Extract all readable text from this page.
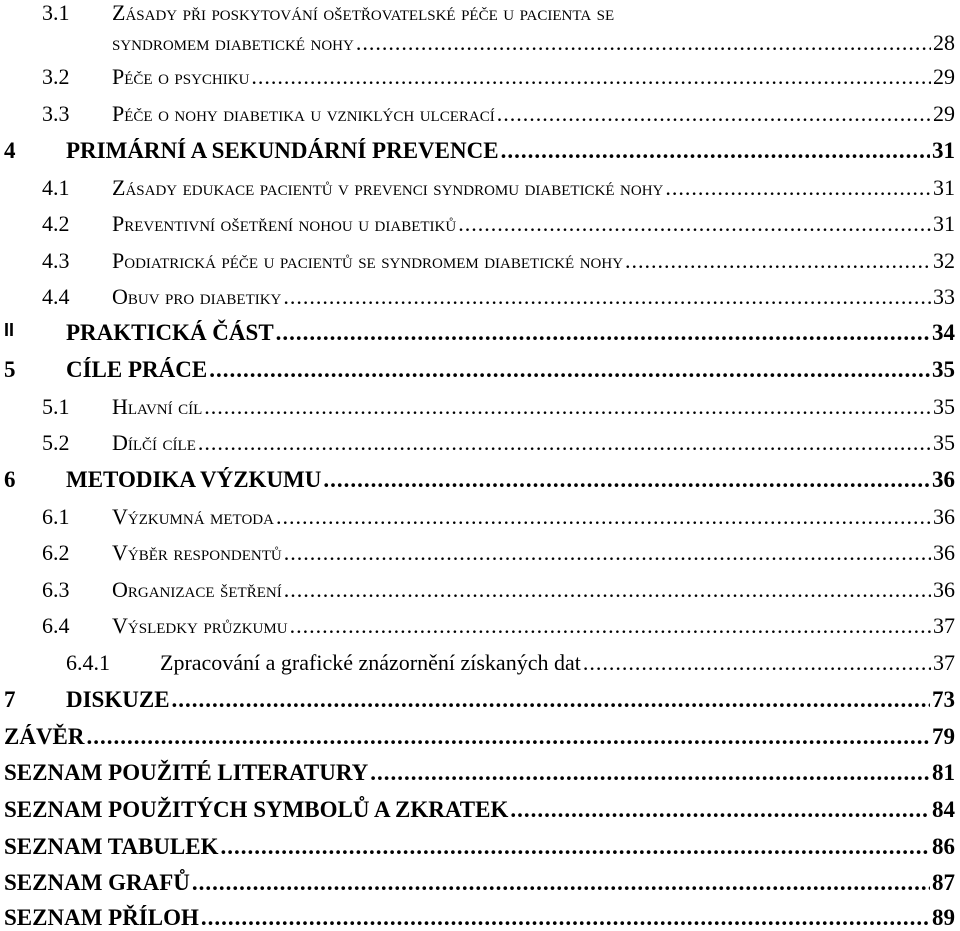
3.1 Zásady při poskytování ošetřovatelské péče u pacienta se
syndromem diabetické nohy .....	28
3.2 Péče o psychiku .....	29
3.3 Péče o nohy diabetika u vzniklých ulcerací .....	29
4 PRIMÁRNÍ A SEKUNDÁRNÍ PREVENCE .....	31
4.1 Zásady edukace pacientů v prevenci syndromu diabetické nohy .....	31
4.2 Preventivní ošetření nohou u diabetiků .....	31
4.3 Podiatrická péče u pacientů se syndromem diabetické nohy .....	32
4.4 Obuv pro diabetiky .....	33
II PRAKTICKÁ ČÁST .....	34
5 CÍLE PRÁCE .....	35
5.1 Hlavní cíl .....	35
5.2 Dílčí cíle .....	35
6 METODIKA VÝZKUMU .....	36
6.1 Výzkumná metoda .....	36
6.2 Výběr respondentů .....	36
6.3 Organizace šetření .....	36
6.4 Výsledky průzkumu .....	37
6.4.1 Zpracování a grafické znázornění získaných dat .....	37
7 DISKUZE .....	73
ZÁVĚR .....	79
SEZNAM POUŽITÉ LITERATURY .....	81
SEZNAM POUŽITÝCH SYMBOLŮ A ZKRATEK .....	84
SEZNAM TABULEK .....	86
SEZNAM GRAFŮ .....	87
SEZNAM PŘÍLOH .....	89
